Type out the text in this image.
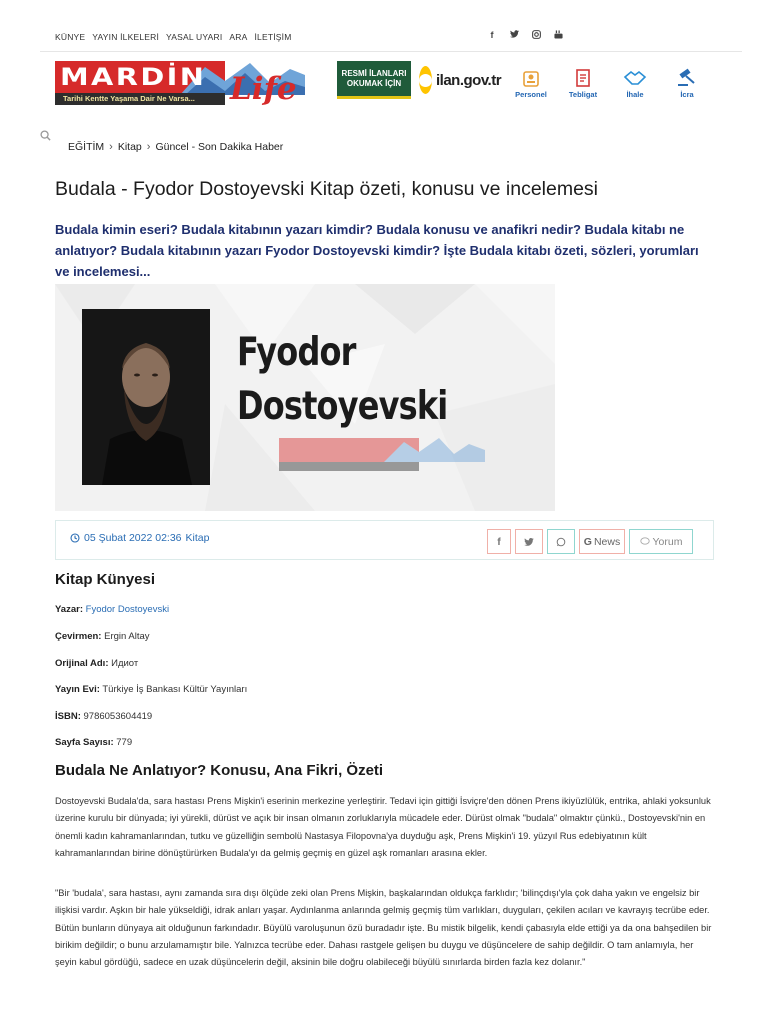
KÜNYE YAYIN İLKELERİ YASAL UYARI ARA İLETİŞİM	f
MARDİN Life
Tarihi Kentte Yaşama Dair Ne Varsa...
RESMİ İLANLARI
OKUMAK İÇİN ilan.gov.tr
Personel	Tebligat	İhale	İcra
EĞİTİM › Kitap › Güncel - Son Dakika Haber
Budala - Fyodor Dostoyevski Kitap özeti, konusu ve incelemesi

Budala kimin eseri? Budala kitabının yazarı kimdir? Budala konusu ve anafikri nedir? Budala kitabı ne anlatıyor? Budala kitabının yazarı Fyodor Dostoyevski kimdir? İşte Budala kitabı özeti, sözleri, yorumları ve incelemesi...

Fyodor
Dostoyevski
05 Şubat 2022 02:36 Kitap	f	G News	Yorum
Kitap Künyesi
Yazar: Fyodor Dostoyevski
Çevirmen: Ergin Altay
Orijinal Adı: Идиот
Yayın Evi: Türkiye İş Bankası Kültür Yayınları
İSBN: 9786053604419
Sayfa Sayısı: 779
Budala Ne Anlatıyor? Konusu, Ana Fikri, Özeti

Dostoyevski Budala'da, sara hastası Prens Mişkin'i eserinin merkezine yerleştirir. Tedavi için gittiği İsviçre'den dönen Prens ikiyüzlülük, entrika, ahlaki yoksunluk üzerine kurulu bir dünyada; iyi yürekli, dürüst ve açık bir insan olmanın zorluklarıyla mücadele eder. Dürüst olmak "budala" olmaktır çünkü., Dostoyevski'nin en önemli kadın kahramanlarından, tutku ve güzelliğin sembolü Nastasya Filopovna'ya duyduğu aşk, Prens Mişkin'i 19. yüzyıl Rus edebiyatının kült kahramanlarından birine dönüştürürken Budala'yı da gelmiş geçmiş en güzel aşk romanları arasına ekler.

"Bir 'budala', sara hastası, aynı zamanda sıra dışı ölçüde zeki olan Prens Mişkin, başkalarından oldukça farklıdır; 'bilinçdışı'yla çok daha yakın ve engelsiz bir ilişkisi vardır. Aşkın bir hale yükseldiği, idrak anları yaşar. Aydınlanma anlarında gelmiş geçmiş tüm varlıkları, duyguları, çekilen acıları ve kavrayış tecrübe eder. Bütün bunların dünyaya ait olduğunun farkındadır. Büyülü varoluşunun özü buradadır işte. Bu mistik bilgelik, kendi çabasıyla elde ettiği ya da ona bahşedilen bir birikim değildir; o bunu arzulamamıştır bile. Yalnızca tecrübe eder. Dahası rastgele gelişen bu duygu ve düşüncelere de sahip değildir. O tam anlamıyla, her şeyin kabul gördüğü, sadece en uzak düşüncelerin değil, aksinin bile doğru olabileceği büyülü sınırlarda birden fazla kez dolanır."
